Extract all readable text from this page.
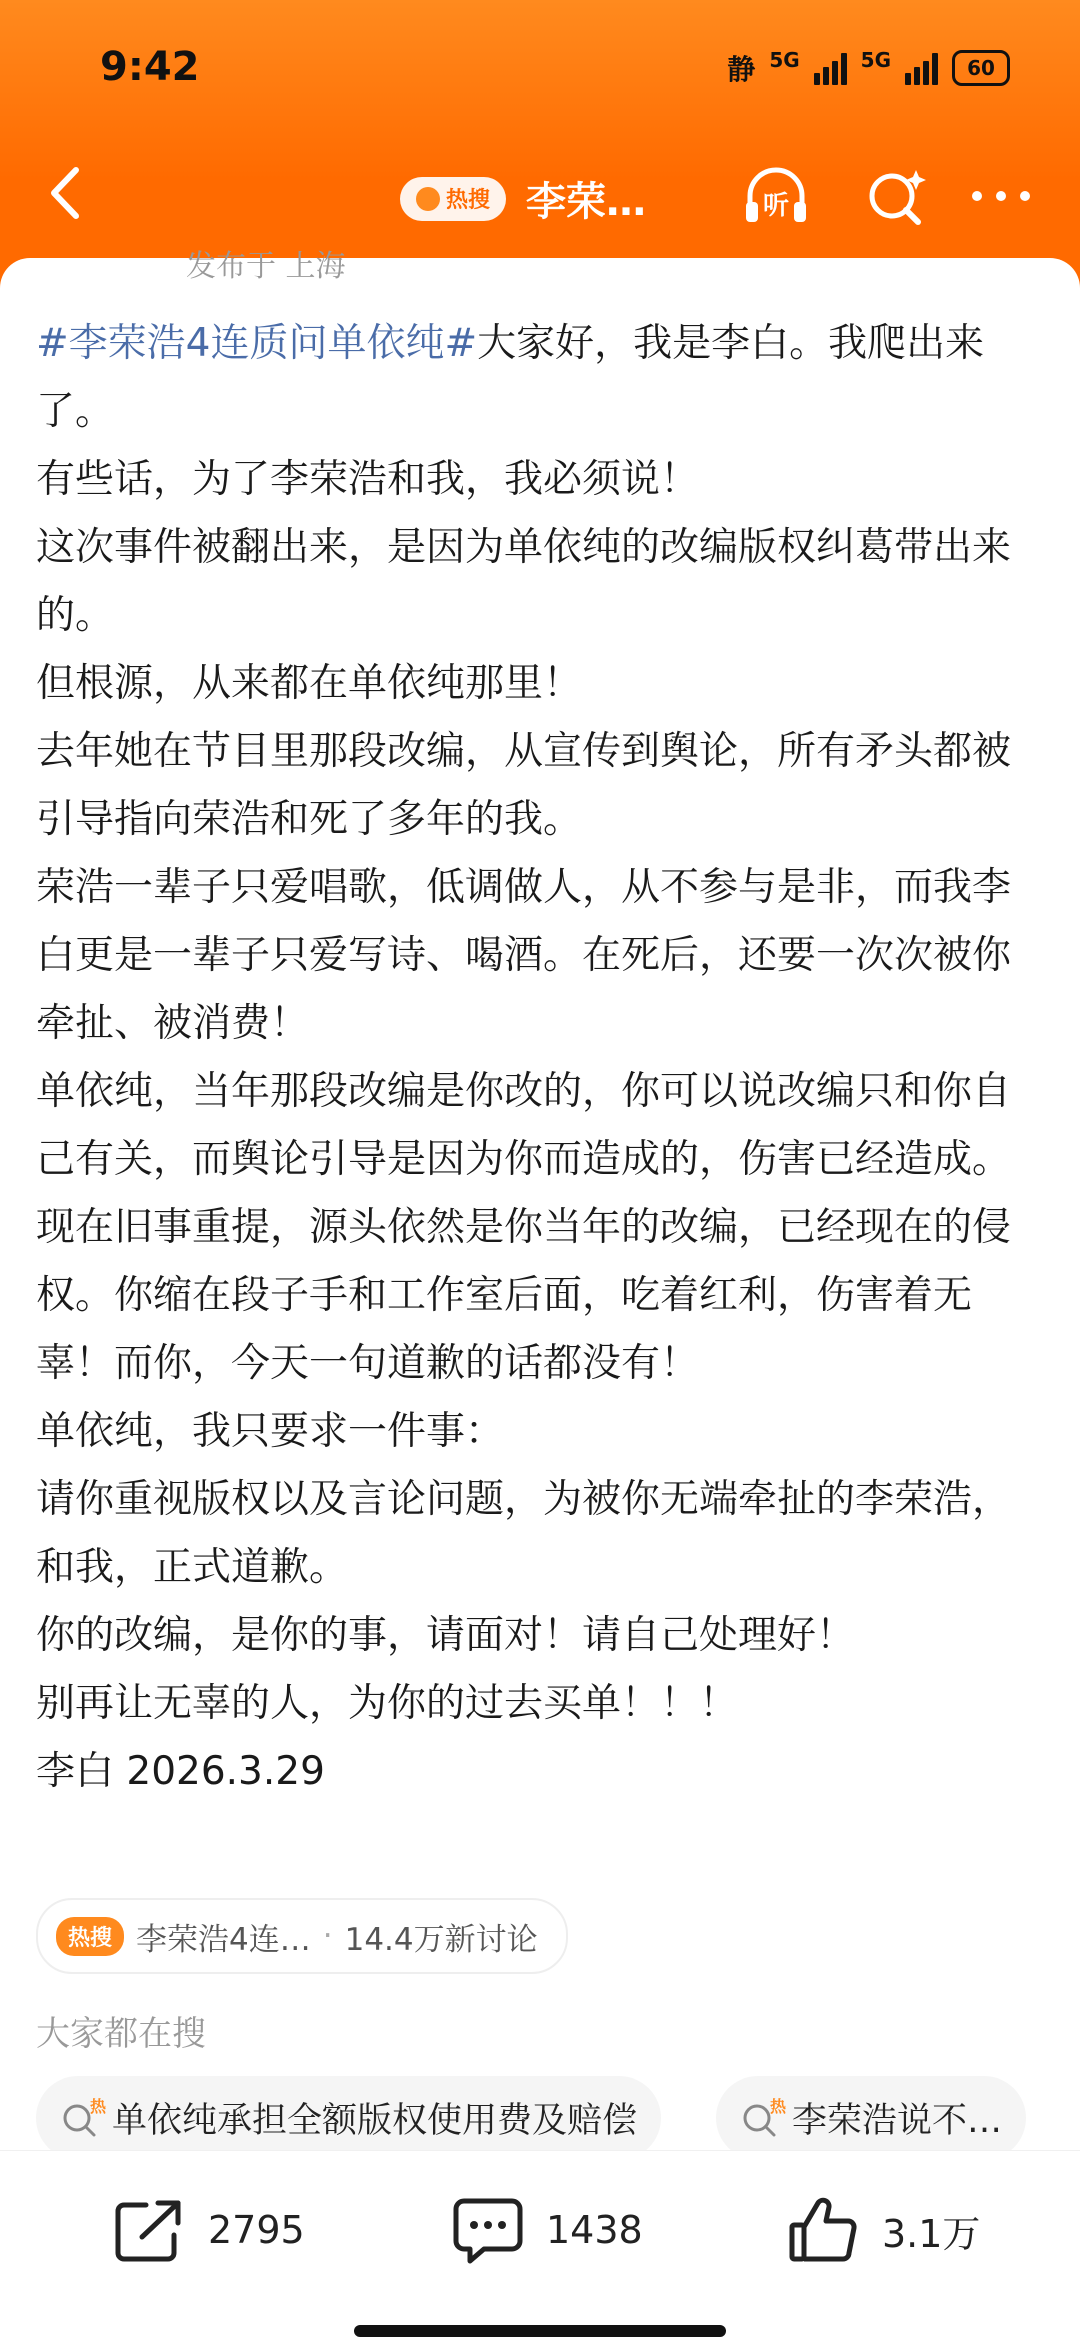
9:42	静 5G	5G	60
热搜 李荣…	听
发布于 上海
#李荣浩4连质问单依纯#大家好，我是李白。我爬出来了。
有些话，为了李荣浩和我，我必须说！
这次事件被翻出来，是因为单依纯的改编版权纠葛带出来的。
但根源，从来都在单依纯那里！
去年她在节目里那段改编，从宣传到舆论，所有矛头都被引导指向荣浩和死了多年的我。
荣浩一辈子只爱唱歌，低调做人，从不参与是非，而我李白更是一辈子只爱写诗、喝酒。在死后，还要一次次被你牵扯、被消费！
单依纯，当年那段改编是你改的，你可以说改编只和你自己有关，而舆论引导是因为你而造成的，伤害已经造成。现在旧事重提，源头依然是你当年的改编，已经现在的侵权。你缩在段子手和工作室后面，吃着红利，伤害着无辜！而你，今天一句道歉的话都没有！
单依纯，我只要求一件事：
请你重视版权以及言论问题，为被你无端牵扯的李荣浩，和我，正式道歉。
你的改编，是你的事，请面对！请自己处理好！
别再让无辜的人，为你的过去买单！！！
李白 2026.3.29
热搜 李荣浩4连… · 14.4万新讨论
大家都在搜
热 单依纯承担全额版权使用费及赔偿	热 李荣浩说不…
2795	1438	3.1万
